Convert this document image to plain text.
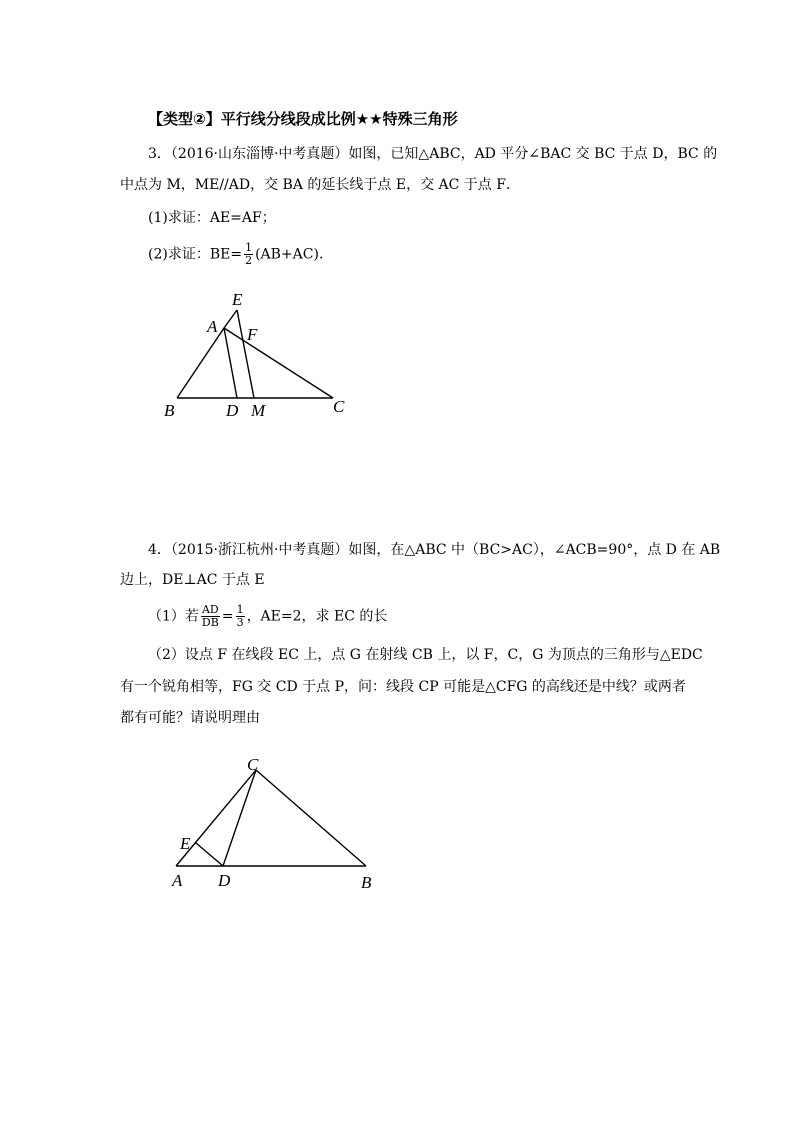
【类型②】平行线分线段成比例★★特殊三角形
3．（2016·山东淄博·中考真题）如图，已知△ABC，AD 平分∠BAC 交 BC 于点 D，BC 的
中点为 M，ME//AD，交 BA 的延长线于点 E，交 AC 于点 F．
(1)求证：AE=AF；
(2)求证：$BE= \frac{1}{2} (AB+AC)$．
E
A F
B	D M	C
4．（2015·浙江杭州·中考真题）如图，在△ABC 中（BC>AC），∠ACB=90°，点 D 在 AB
边上，DE⊥AC 于点 E
（1）若 $\frac{AD}{DB} = \frac{1}{3}$ ，AE=2，求 EC 的长
（2）设点 F 在线段 EC 上，点 G 在射线 CB 上，以 F，C，G 为顶点的三角形与△EDC
有一个锐角相等，FG 交 CD 于点 P，问：线段 CP 可能是△CFG 的高线还是中线？或两者
都有可能？请说明理由
C
E
A D	B
